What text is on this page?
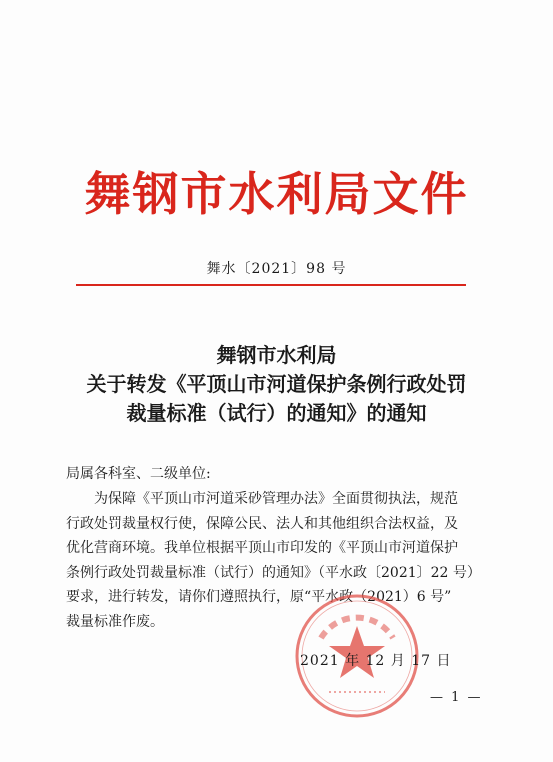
舞钢市水利局文件
舞水〔2021〕98 号
舞钢市水利局
关于转发《平顶山市河道保护条例行政处罚
裁量标准（试行）的通知》的通知
局属各科室、二级单位:

为保障《平顶山市河道采砂管理办法》全面贯彻执法，规范

行政处罚裁量权行使，保障公民、法人和其他组织合法权益，及

优化营商环境。我单位根据平顶山市印发的《平顶山市河道保护

条例行政处罚裁量标准（试行）的通知》（平水政〔2021〕22 号）

要求，进行转发，请你们遵照执行，原“平水政（2021）6 号”

裁量标准作废。

2021 年 12 月 17 日
— 1 —
